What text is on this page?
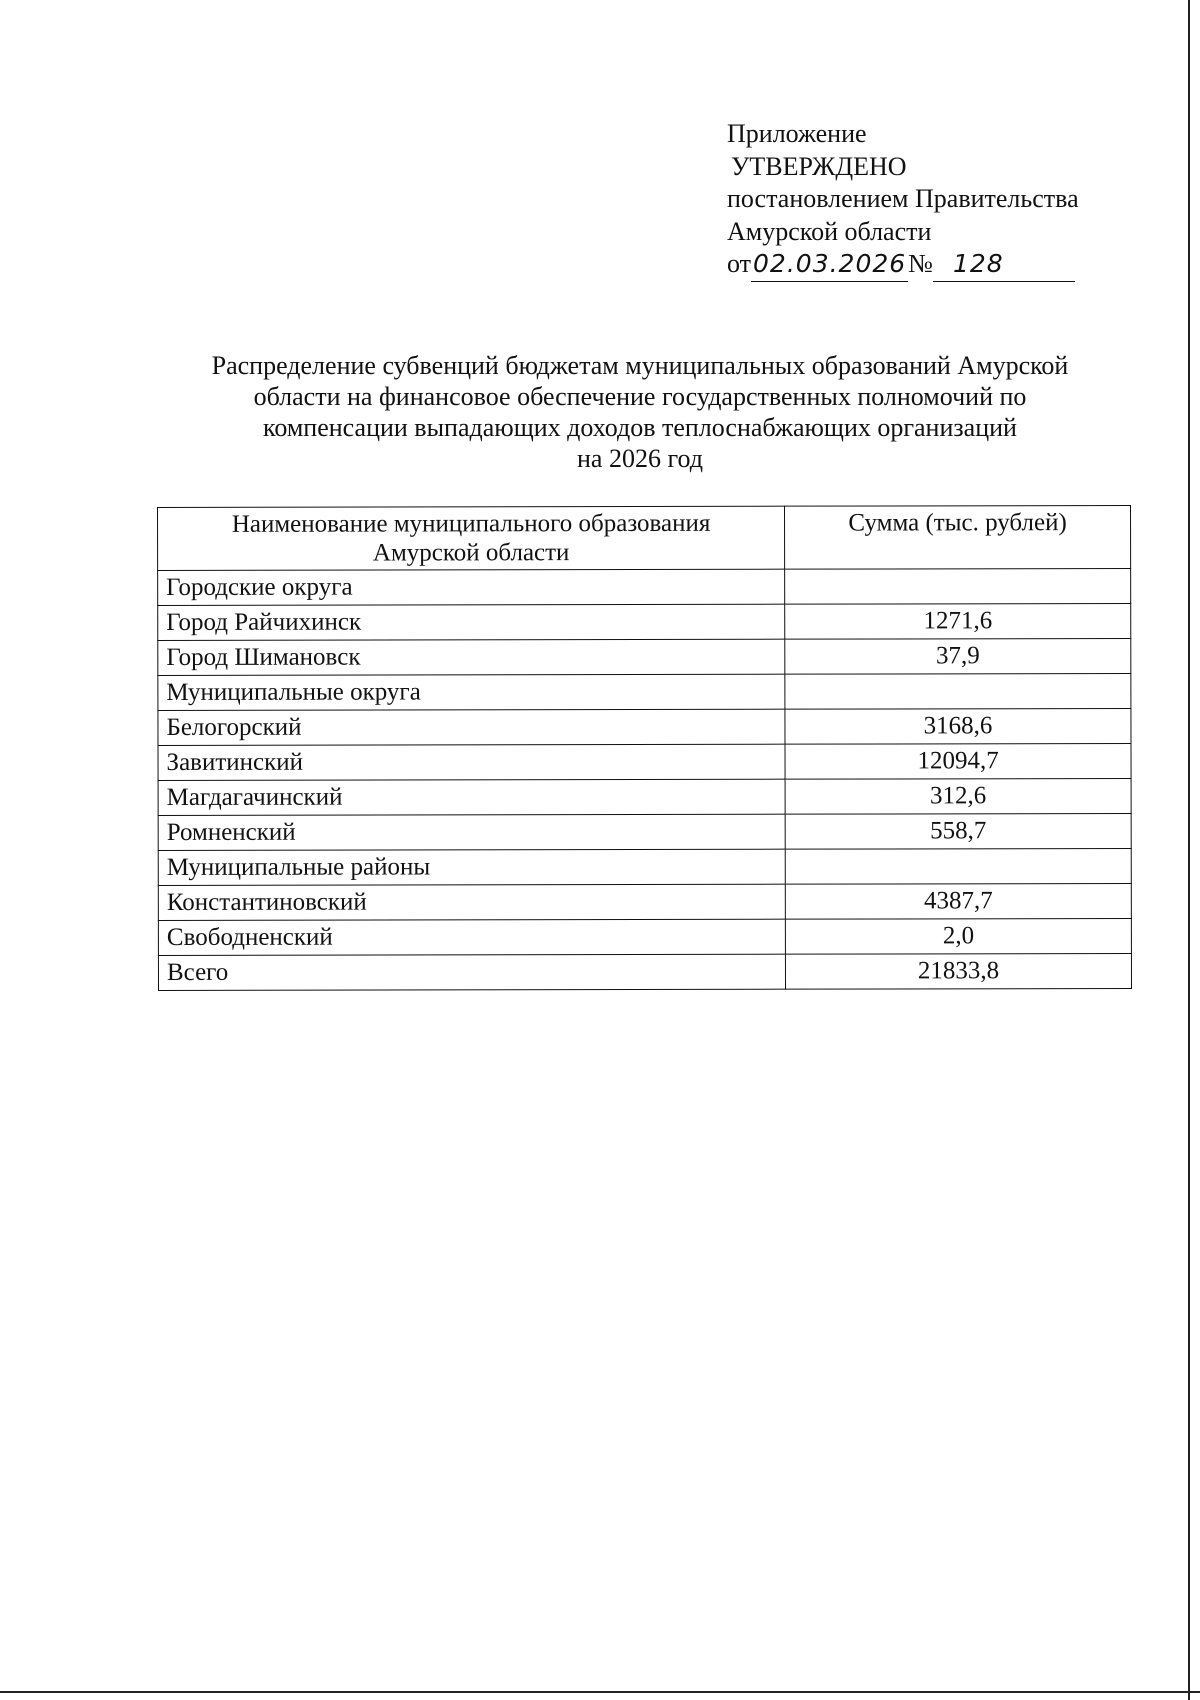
Приложение
УТВЕРЖДЕНО
постановлением Правительства
Амурской области
от02.03.2026№ 128
Распределение субвенций бюджетам муниципальных образований Амурской
области на финансовое обеспечение государственных полномочий по
компенсации выпадающих доходов теплоснабжающих организаций
на 2026 год
Наименование муниципального образования
Амурской области	Сумма (тыс. рублей)
Городские округа	
Город Райчихинск	1271,6
Город Шимановск	37,9
Муниципальные округа	
Белогорский	3168,6
Завитинский	12094,7
Магдагачинский	312,6
Ромненский	558,7
Муниципальные районы	
Константиновский	4387,7
Свободненский	2,0
Всего	21833,8
